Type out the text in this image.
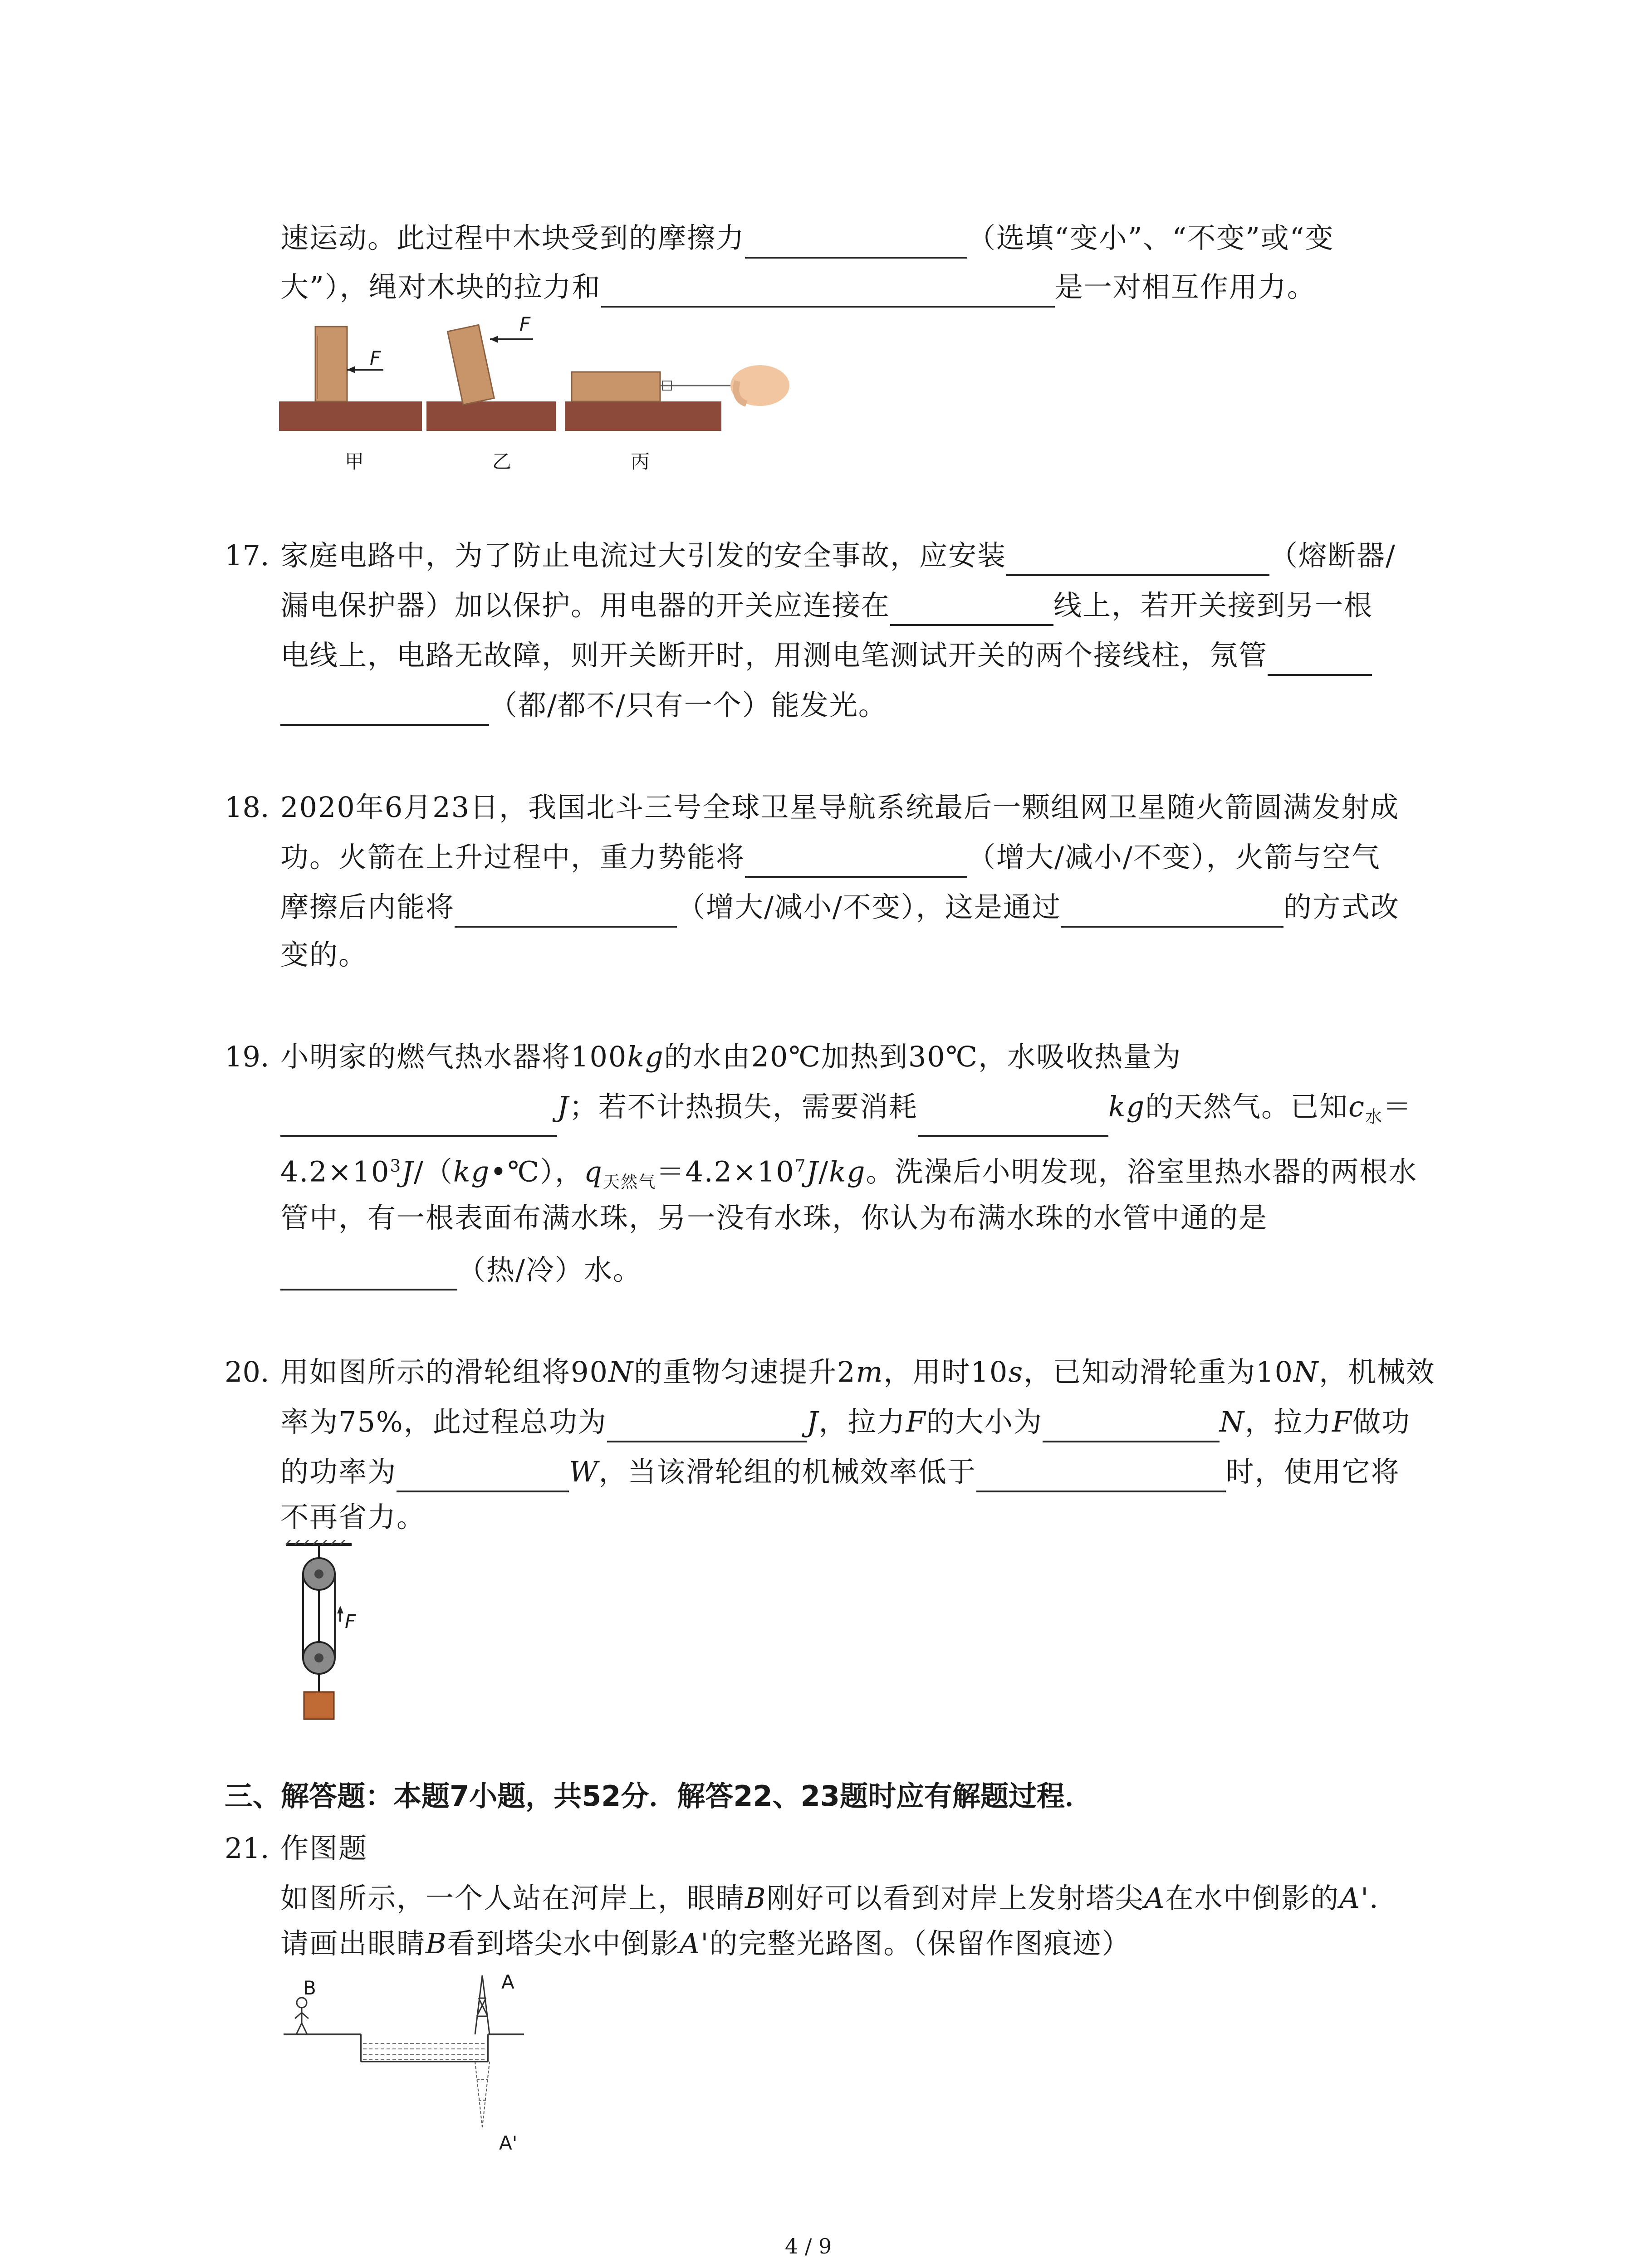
速运动。此过程中木块受到的摩擦力	（选填“变小”、“不变”或“变
大”），绳对木块的拉力和	是一对相互作用力。
F
F
甲	乙	丙
17. 家庭电路中，为了防止电流过大引发的安全事故，应安装	（熔断器/
漏电保护器）加以保护。用电器的开关应连接在	线上，若开关接到另一根
电线上，电路无故障，则开关断开时，用测电笔测试开关的两个接线柱，氖管
（都/都不/只有一个）能发光。
18. 2020年6月23日，我国北斗三号全球卫星导航系统最后一颗组网卫星随火箭圆满发射成
功。火箭在上升过程中，重力势能将	（增大/减小/不变），火箭与空气
摩擦后内能将	（增大/减小/不变），这是通过	的方式改
变的。
19. 小明家的燃气热水器将100kg的水由20℃加热到30℃，水吸收热量为
J；若不计热损失，需要消耗	kg的天然气。已知$c_水=$
$4.2\times 10^3J/(kg•℃)$，$q_{天然气}=4.2\times 10^7J/kg$。洗澡后小明发现，浴室里热水器的两根水
管中，有一根表面布满水珠，另一没有水珠，你认为布满水珠的水管中通的是
（热/冷）水。
20. 用如图所示的滑轮组将90N的重物匀速提升2m，用时10s，已知动滑轮重为10N，机械效
率为75%，此过程总功为	J，拉力F的大小为	N，拉力F做功
的功率为	W，当该滑轮组的机械效率低于	时，使用它将
不再省力。
F
三、解答题：本题7小题，共52分．解答22、23题时应有解题过程．
21. 作图题
如图所示，一个人站在河岸上，眼睛B刚好可以看到对岸上发射塔尖A在水中倒影的A'．
请画出眼睛B看到塔尖水中倒影A'的完整光路图。（保留作图痕迹）
B	A
A'
4 / 9
